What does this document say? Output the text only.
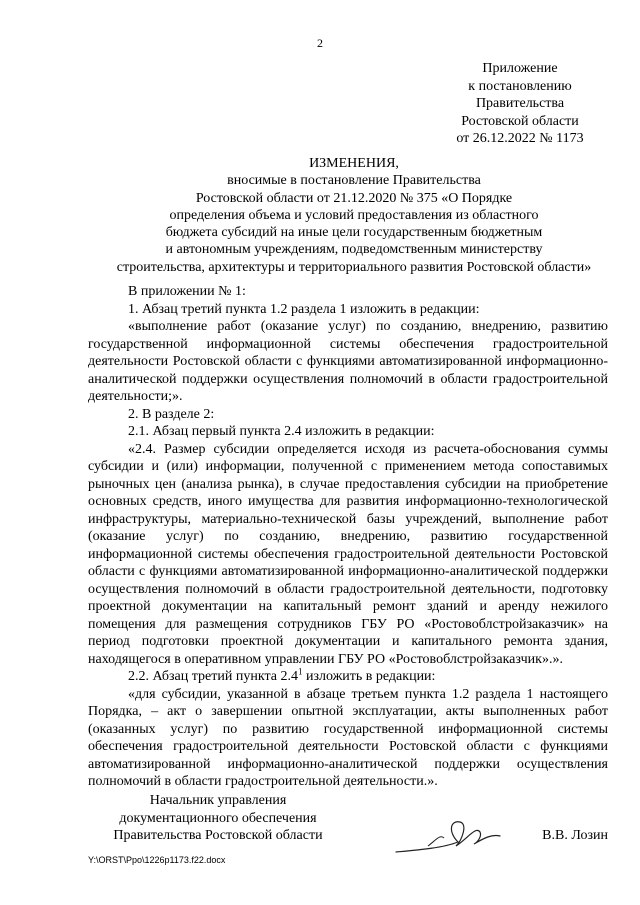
2
Приложение
к постановлению
Правительства
Ростовской области
от 26.12.2022 № 1173
ИЗМЕНЕНИЯ,
вносимые в постановление Правительства
Ростовской области от 21.12.2020 № 375 «О Порядке
определения объема и условий предоставления из областного
бюджета субсидий на иные цели государственным бюджетным
и автономным учреждениям, подведомственным министерству
строительства, архитектуры и территориального развития Ростовской области»

В приложении № 1:

1. Абзац третий пункта 1.2 раздела 1 изложить в редакции:

«выполнение работ (оказание услуг) по созданию, внедрению, развитию государственной информационной системы обеспечения градостроительной деятельности Ростовской области с функциями автоматизированной информационно-аналитической поддержки осуществления полномочий в области градостроительной деятельности;».

2. В разделе 2:

2.1. Абзац первый пункта 2.4 изложить в редакции:

«2.4. Размер субсидии определяется исходя из расчета-обоснования суммы субсидии и (или) информации, полученной с применением метода сопоставимых рыночных цен (анализа рынка), в случае предоставления субсидии на приобретение основных средств, иного имущества для развития информационно-технологической инфраструктуры, материально-технической базы учреждений, выполнение работ (оказание услуг) по созданию, внедрению, развитию государственной информационной системы обеспечения градостроительной деятельности Ростовской области с функциями автоматизированной информационно-аналитической поддержки осуществления полномочий в области градостроительной деятельности, подготовку проектной документации на капитальный ремонт зданий и аренду нежилого помещения для размещения сотрудников ГБУ РО «Ростовоблстройзаказчик» на период подготовки проектной документации и капитального ремонта здания, находящегося в оперативном управлении ГБУ РО «Ростовоблстройзаказчик».».

2.2. Абзац третий пункта $2.4^1$ изложить в редакции:

«для субсидии, указанной в абзаце третьем пункта 1.2 раздела 1 настоящего Порядка, – акт о завершении опытной эксплуатации, акты выполненных работ (оказанных услуг) по развитию государственной информационной системы обеспечения градостроительной деятельности Ростовской области с функциями автоматизированной информационно-аналитической поддержки осуществления полномочий в области градостроительной деятельности.».

Начальник управления
документационного обеспечения
Правительства Ростовской области	В.В. Лозин
Y:\ORST\Ppo\1226p1173.f22.docx
